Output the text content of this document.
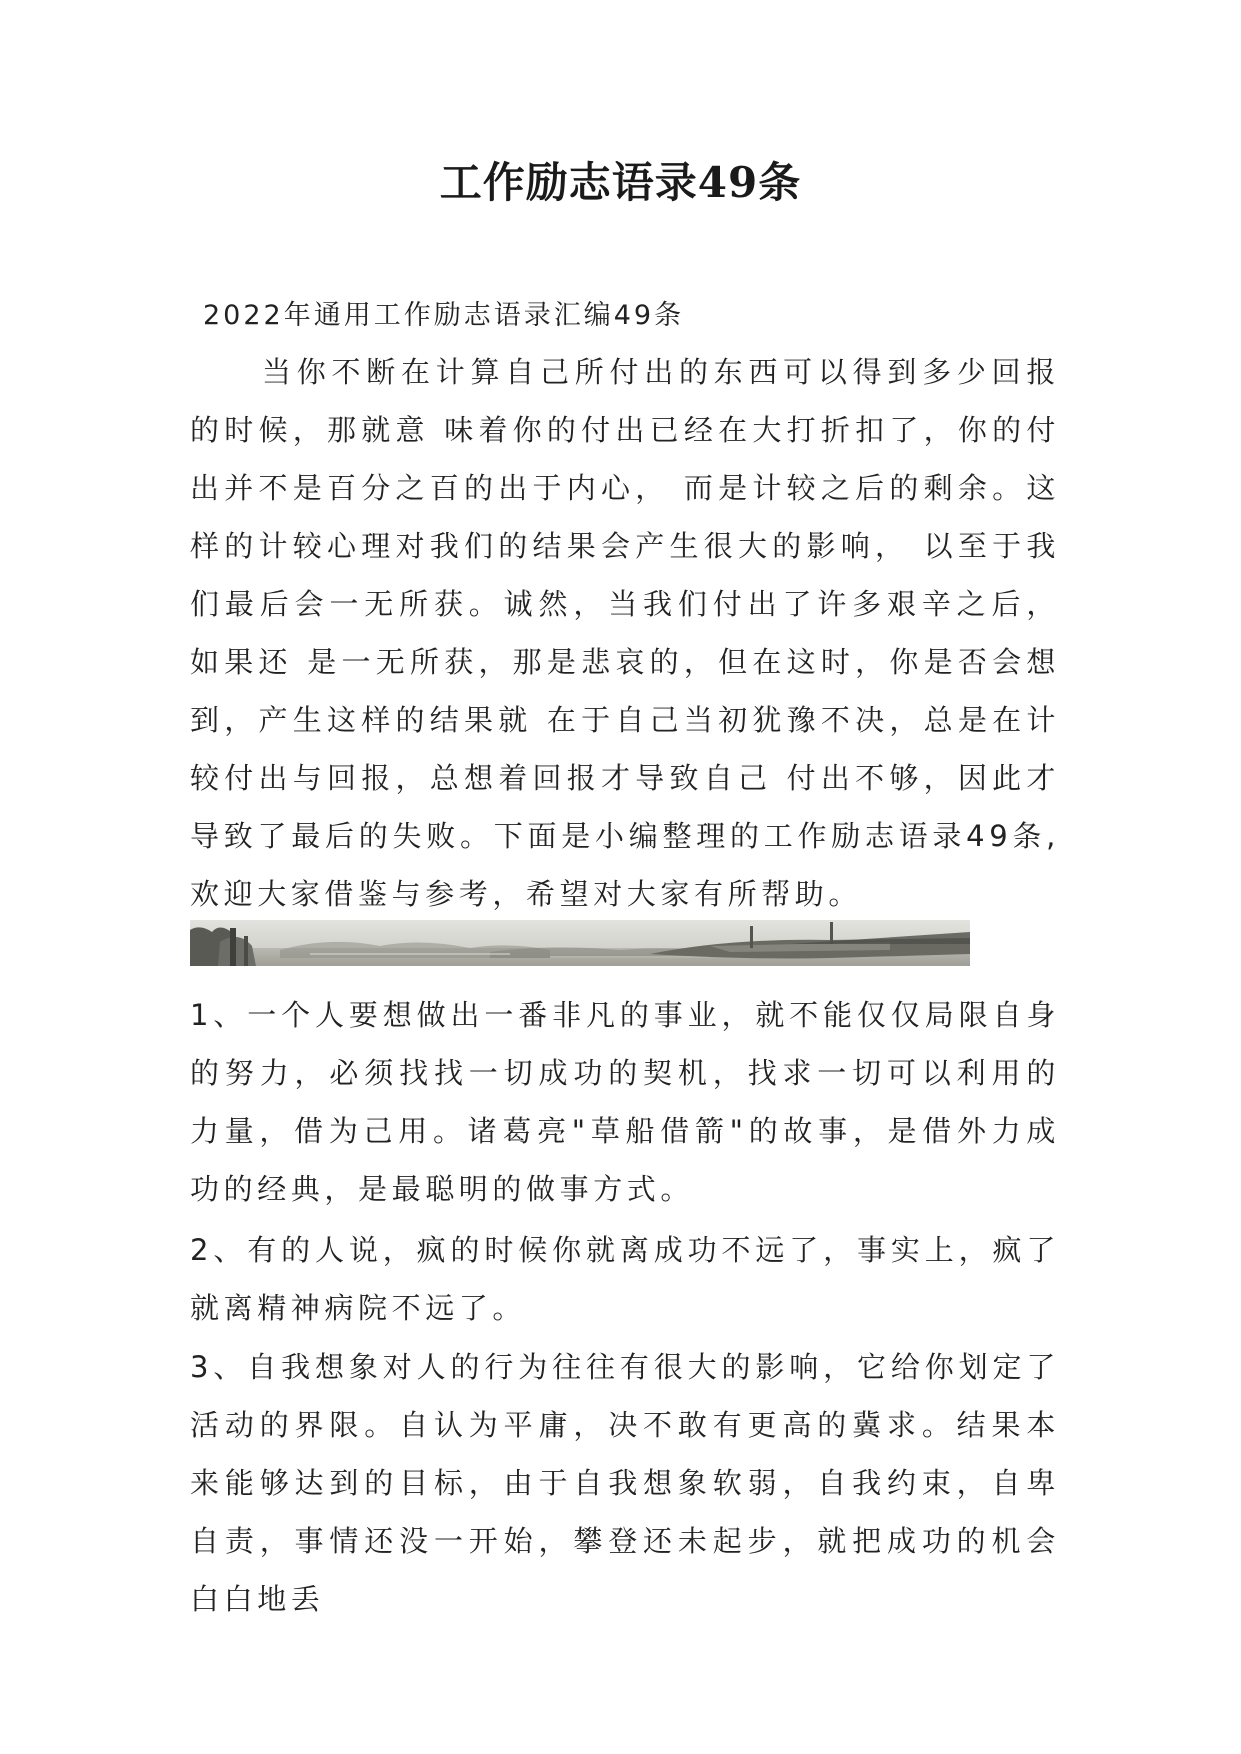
工作励志语录49条

2022年通用工作励志语录汇编49条

当你不断在计算自己所付出的东西可以得到多少回报的时候，那就意 味着你的付出已经在大打折扣了，你的付出并不是百分之百的出于内心， 而是计较之后的剩余。这样的计较心理对我们的结果会产生很大的影响， 以至于我们最后会一无所获。诚然，当我们付出了许多艰辛之后，如果还 是一无所获，那是悲哀的，但在这时，你是否会想到，产生这样的结果就 在于自己当初犹豫不决，总是在计较付出与回报，总想着回报才导致自己 付出不够，因此才导致了最后的失败。下面是小编整理的工作励志语录49条,欢迎大家借鉴与参考，希望对大家有所帮助。

1、一个人要想做出一番非凡的事业，就不能仅仅局限自身的努力，必须找找一切成功的契机，找求一切可以利用的力量，借为己用。诸葛亮"草船借箭"的故事，是借外力成功的经典，是最聪明的做事方式。

2、有的人说，疯的时候你就离成功不远了，事实上，疯了就离精神病院不远了。

3、自我想象对人的行为往往有很大的影响，它给你划定了活动的界限。自认为平庸，决不敢有更高的冀求。结果本来能够达到的目标，由于自我想象软弱，自我约束，自卑自责，事情还没一开始，攀登还未起步，就把成功的机会白白地丢
